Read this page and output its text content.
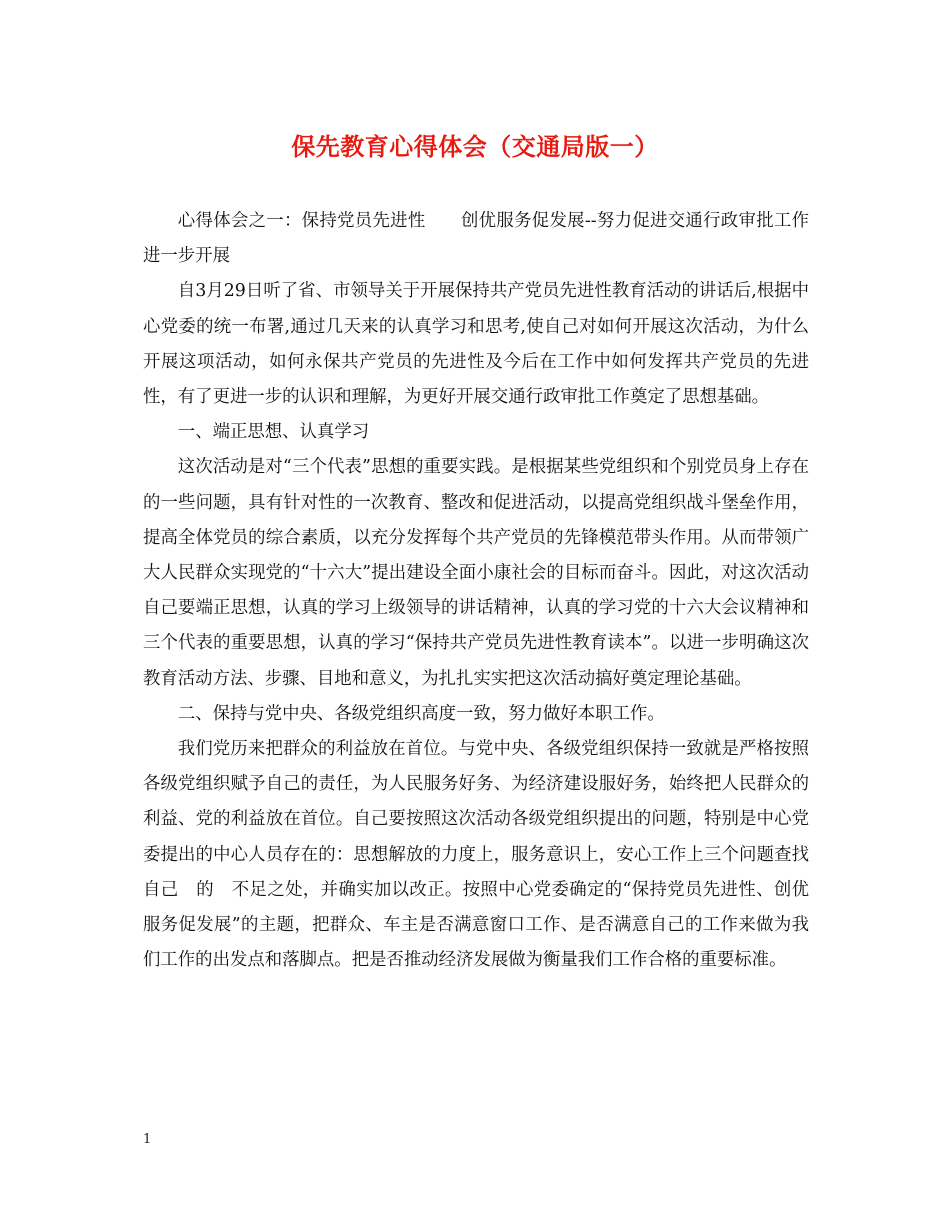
保先教育心得体会（交通局版一）

心得体会之一：保持党员先进性　　创优服务促发展--努力促进交通行政审批工作进一步开展

自3月29日听了省、市领导关于开展保持共产党员先进性教育活动的讲话后,根据中心党委的统一布署,通过几天来的认真学习和思考,使自己对如何开展这次活动，为什么开展这项活动，如何永保共产党员的先进性及今后在工作中如何发挥共产党员的先进性，有了更进一步的认识和理解，为更好开展交通行政审批工作奠定了思想基础。

一、端正思想、认真学习

这次活动是对“三个代表”思想的重要实践。是根据某些党组织和个别党员身上存在的一些问题，具有针对性的一次教育、整改和促进活动，以提高党组织战斗堡垒作用，提高全体党员的综合素质，以充分发挥每个共产党员的先锋模范带头作用。从而带领广大人民群众实现党的“十六大”提出建设全面小康社会的目标而奋斗。因此，对这次活动自己要端正思想，认真的学习上级领导的讲话精神，认真的学习党的十六大会议精神和三个代表的重要思想，认真的学习“保持共产党员先进性教育读本”。以进一步明确这次教育活动方法、步骤、目地和意义，为扎扎实实把这次活动搞好奠定理论基础。

二、保持与党中央、各级党组织高度一致，努力做好本职工作。

我们党历来把群众的利益放在首位。与党中央、各级党组织保持一致就是严格按照各级党组织赋予自己的责任，为人民服务好务、为经济建设服好务，始终把人民群众的利益、党的利益放在首位。自己要按照这次活动各级党组织提出的问题，特别是中心党委提出的中心人员存在的：思想解放的力度上，服务意识上，安心工作上三个问题查找自己　的　不足之处，并确实加以改正。按照中心党委确定的“保持党员先进性、创优服务促发展”的主题，把群众、车主是否满意窗口工作、是否满意自己的工作来做为我们工作的出发点和落脚点。把是否推动经济发展做为衡量我们工作合格的重要标准。

1
